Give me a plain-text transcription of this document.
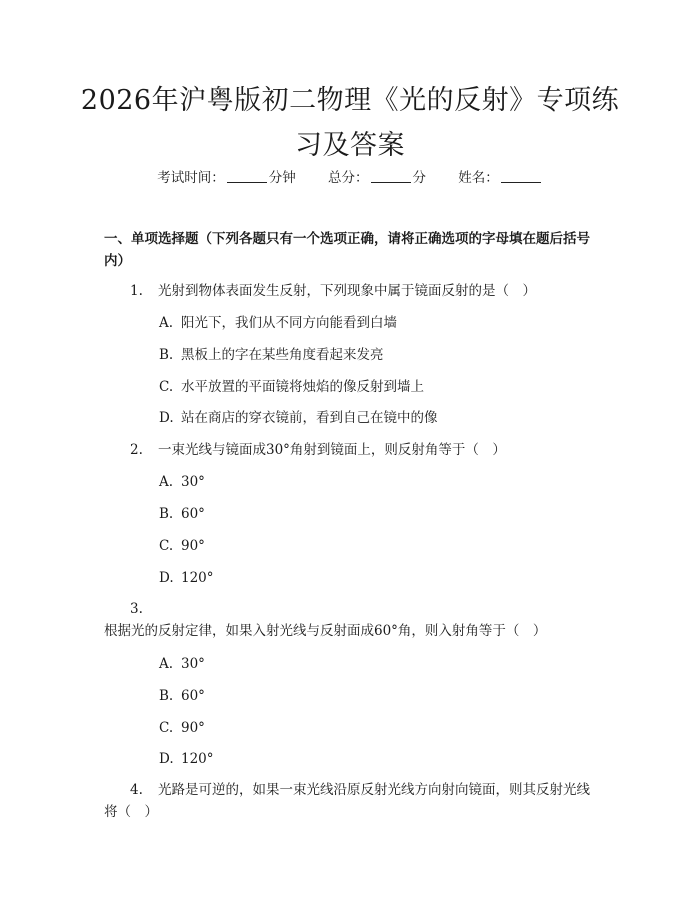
2026年沪粤版初二物理《光的反射》专项练习及答案
考试时间：	分钟 总分：	分 姓名：
一、单项选择题（下列各题只有一个选项正确，请将正确选项的字母填在题后括号内）
1. 光射到物体表面发生反射，下列现象中属于镜面反射的是（　）
A. 阳光下，我们从不同方向能看到白墙
B. 黑板上的字在某些角度看起来发亮
C. 水平放置的平面镜将烛焰的像反射到墙上
D. 站在商店的穿衣镜前，看到自己在镜中的像
2. 一束光线与镜面成30°角射到镜面上，则反射角等于（　）
A. 30°
B. 60°
C. 90°
D. 120°
3.根据光的反射定律，如果入射光线与反射面成60°角，则入射角等于（　）
A. 30°
B. 60°
C. 90°
D. 120°
4. 光路是可逆的，如果一束光线沿原反射光线方向射向镜面，则其反射光线将（　）
